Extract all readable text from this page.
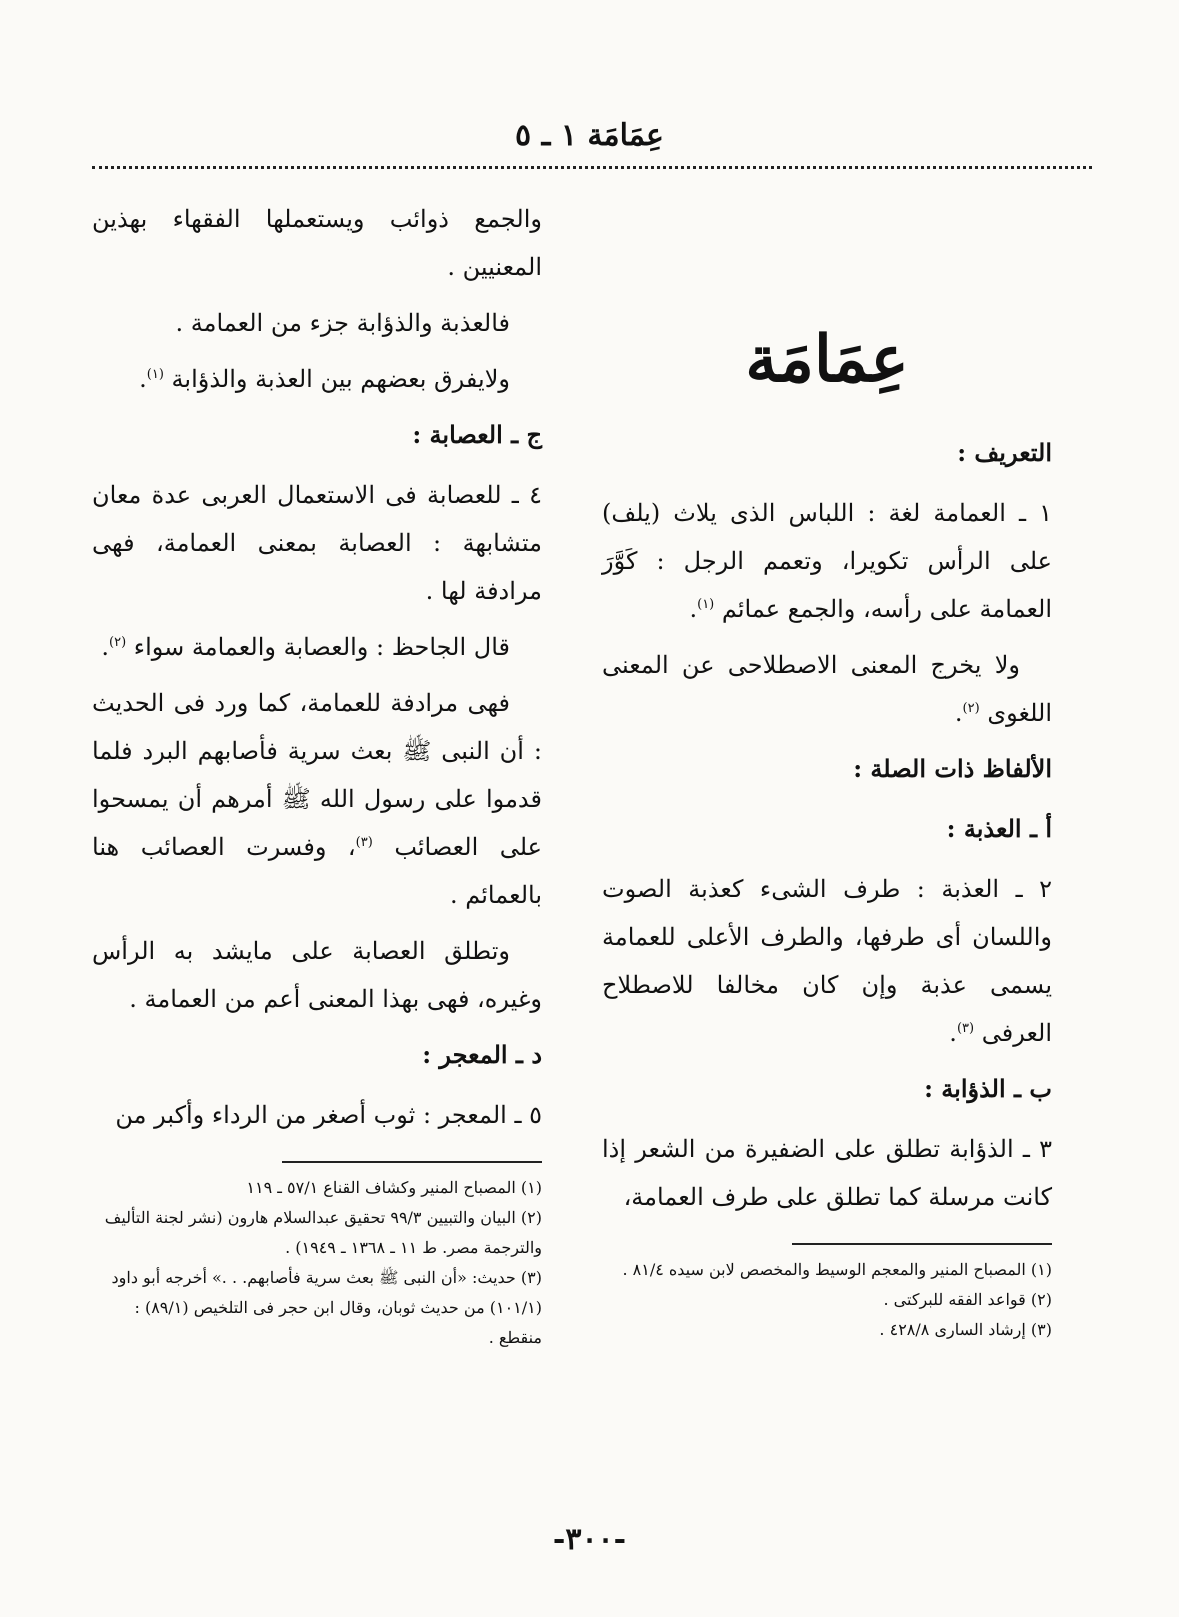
عِمَامَة ١ ـ ٥

عِمَامَة

التعريف :

١ ـ العمامة لغة : اللباس الذى يلاث (يلف) على الرأس تكويرا، وتعمم الرجل : كَوَّرَ العمامة على رأسه، والجمع عمائم $^{(١)}$.

ولا يخرج المعنى الاصطلاحى عن المعنى اللغوى $^{(٢)}$.

الألفاظ ذات الصلة :

أ ـ العذبة :

٢ ـ العذبة : طرف الشىء كعذبة الصوت واللسان أى طرفها، والطرف الأعلى للعمامة يسمى عذبة وإن كان مخالفا للاصطلاح العرفى $^{(٣)}$.

ب ـ الذؤابة :

٣ ـ الذؤابة تطلق على الضفيرة من الشعر إذا كانت مرسلة كما تطلق على طرف العمامة،

(١) المصباح المنير والمعجم الوسيط والمخصص لابن سيده ٨١/٤ .
(٢) قواعد الفقه للبركتى .
(٣) إرشاد السارى ٤٢٨/٨ .

والجمع ذوائب ويستعملها الفقهاء بهذين المعنيين .

فالعذبة والذؤابة جزء من العمامة .

ولايفرق بعضهم بين العذبة والذؤابة $^{(١)}$.

ج ـ العصابة :

٤ ـ للعصابة فى الاستعمال العربى عدة معان متشابهة : العصابة بمعنى العمامة، فهى مرادفة لها .

قال الجاحظ : والعصابة والعمامة سواء $^{(٢)}$.

فهى مرادفة للعمامة، كما ورد فى الحديث : أن النبى ﷺ بعث سرية فأصابهم البرد فلما قدموا على رسول الله ﷺ أمرهم أن يمسحوا على العصائب $^{(٣)}$، وفسرت العصائب هنا بالعمائم .

وتطلق العصابة على مايشد به الرأس وغيره، فهى بهذا المعنى أعم من العمامة .

د ـ المعجر :

٥ ـ المعجر : ثوب أصغر من الرداء وأكبر من

(١) المصباح المنير وكشاف القناع ٥٧/١ ـ ١١٩
(٢) البيان والتبيين ٩٩/٣ تحقيق عبدالسلام هارون (نشر لجنة التأليف والترجمة مصر. ط ١١ ـ ١٣٦٨ ـ ١٩٤٩) .
(٣) حديث: «أن النبى ﷺ بعث سرية فأصابهم. . .» أخرجه أبو داود (١٠١/١) من حديث ثوبان، وقال ابن حجر فى التلخيص (٨٩/١) : منقطع .
-٣٠٠-
